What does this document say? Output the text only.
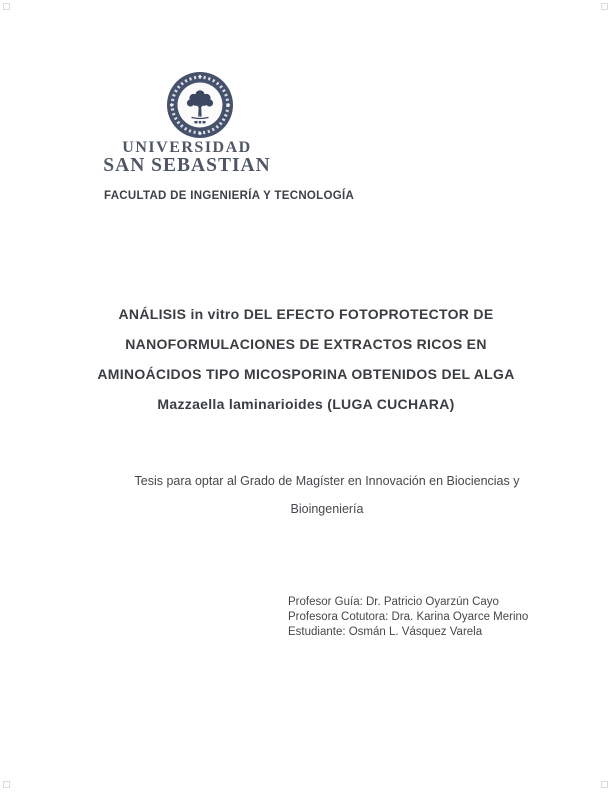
UNIVERSIDAD
SAN SEBASTIAN
FACULTAD DE INGENIERÍA Y TECNOLOGÍA
ANÁLISIS in vitro DEL EFECTO FOTOPROTECTOR DE
NANOFORMULACIONES DE EXTRACTOS RICOS EN
AMINOÁCIDOS TIPO MICOSPORINA OBTENIDOS DEL ALGA
Mazzaella laminarioides (LUGA CUCHARA)
Tesis para optar al Grado de Magíster en Innovación en Biociencias y
Bioingeniería
Profesor Guía: Dr. Patricio Oyarzún Cayo
Profesora Cotutora: Dra. Karina Oyarce Merino
Estudiante: Osmán L. Vásquez Varela
